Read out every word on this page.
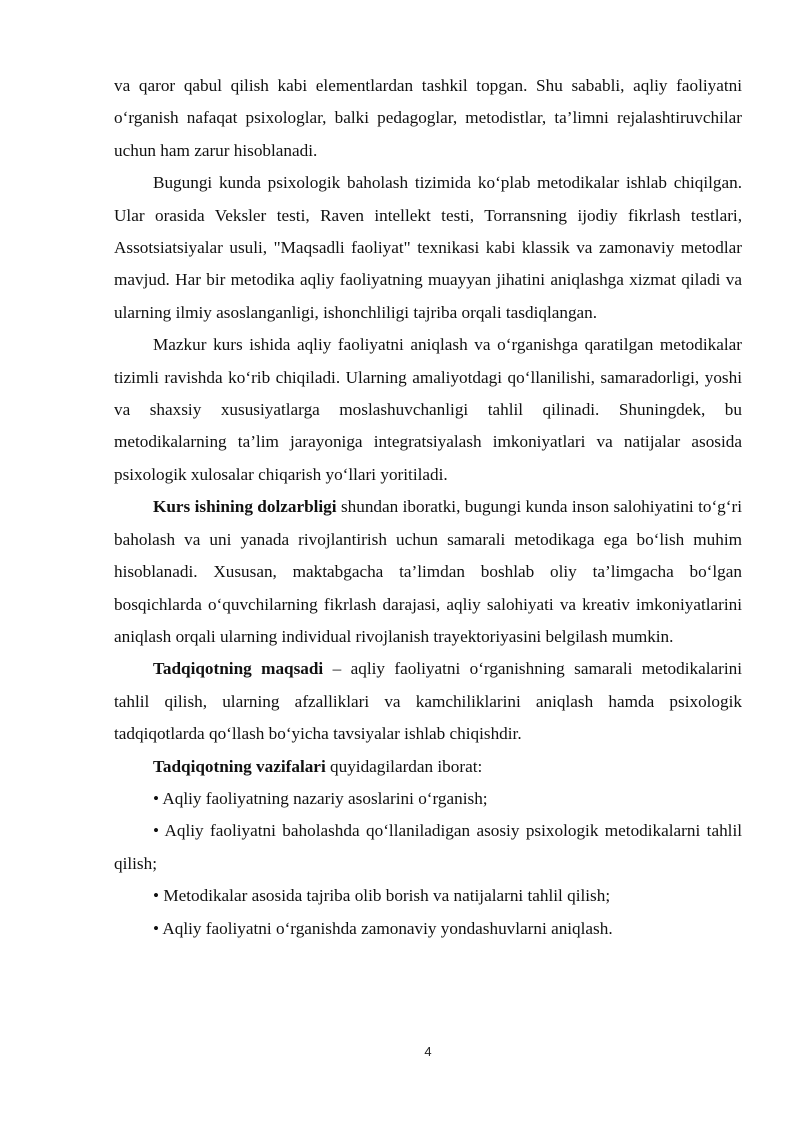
va qaror qabul qilish kabi elementlardan tashkil topgan. Shu sababli, aqliy faoliyatni o‘rganish nafaqat psixologlar, balki pedagoglar, metodistlar, ta’limni rejalashtiruvchilar uchun ham zarur hisoblanadi.

Bugungi kunda psixologik baholash tizimida ko‘plab metodikalar ishlab chiqilgan. Ular orasida Veksler testi, Raven intellekt testi, Torransning ijodiy fikrlash testlari, Assotsiatsiyalar usuli, "Maqsadli faoliyat" texnikasi kabi klassik va zamonaviy metodlar mavjud. Har bir metodika aqliy faoliyatning muayyan jihatini aniqlashga xizmat qiladi va ularning ilmiy asoslanganligi, ishonchliligi tajriba orqali tasdiqlangan.

Mazkur kurs ishida aqliy faoliyatni aniqlash va o‘rganishga qaratilgan metodikalar tizimli ravishda ko‘rib chiqiladi. Ularning amaliyotdagi qo‘llanilishi, samaradorligi, yoshi va shaxsiy xususiyatlarga moslashuvchanligi tahlil qilinadi. Shuningdek, bu metodikalarning ta’lim jarayoniga integratsiyalash imkoniyatlari va natijalar asosida psixologik xulosalar chiqarish yo‘llari yoritiladi.

Kurs ishining dolzarbligi shundan iboratki, bugungi kunda inson salohiyatini to‘g‘ri baholash va uni yanada rivojlantirish uchun samarali metodikaga ega bo‘lish muhim hisoblanadi. Xususan, maktabgacha ta’limdan boshlab oliy ta’limgacha bo‘lgan bosqichlarda o‘quvchilarning fikrlash darajasi, aqliy salohiyati va kreativ imkoniyatlarini aniqlash orqali ularning individual rivojlanish trayektoriyasini belgilash mumkin.

Tadqiqotning maqsadi – aqliy faoliyatni o‘rganishning samarali metodikalarini tahlil qilish, ularning afzalliklari va kamchiliklarini aniqlash hamda psixologik tadqiqotlarda qo‘llash bo‘yicha tavsiyalar ishlab chiqishdir.

Tadqiqotning vazifalari quyidagilardan iborat:

• Aqliy faoliyatning nazariy asoslarini o‘rganish;

• Aqliy faoliyatni baholashda qo‘llaniladigan asosiy psixologik metodikalarni tahlil qilish;

• Metodikalar asosida tajriba olib borish va natijalarni tahlil qilish;

• Aqliy faoliyatni o‘rganishda zamonaviy yondashuvlarni aniqlash.

4
